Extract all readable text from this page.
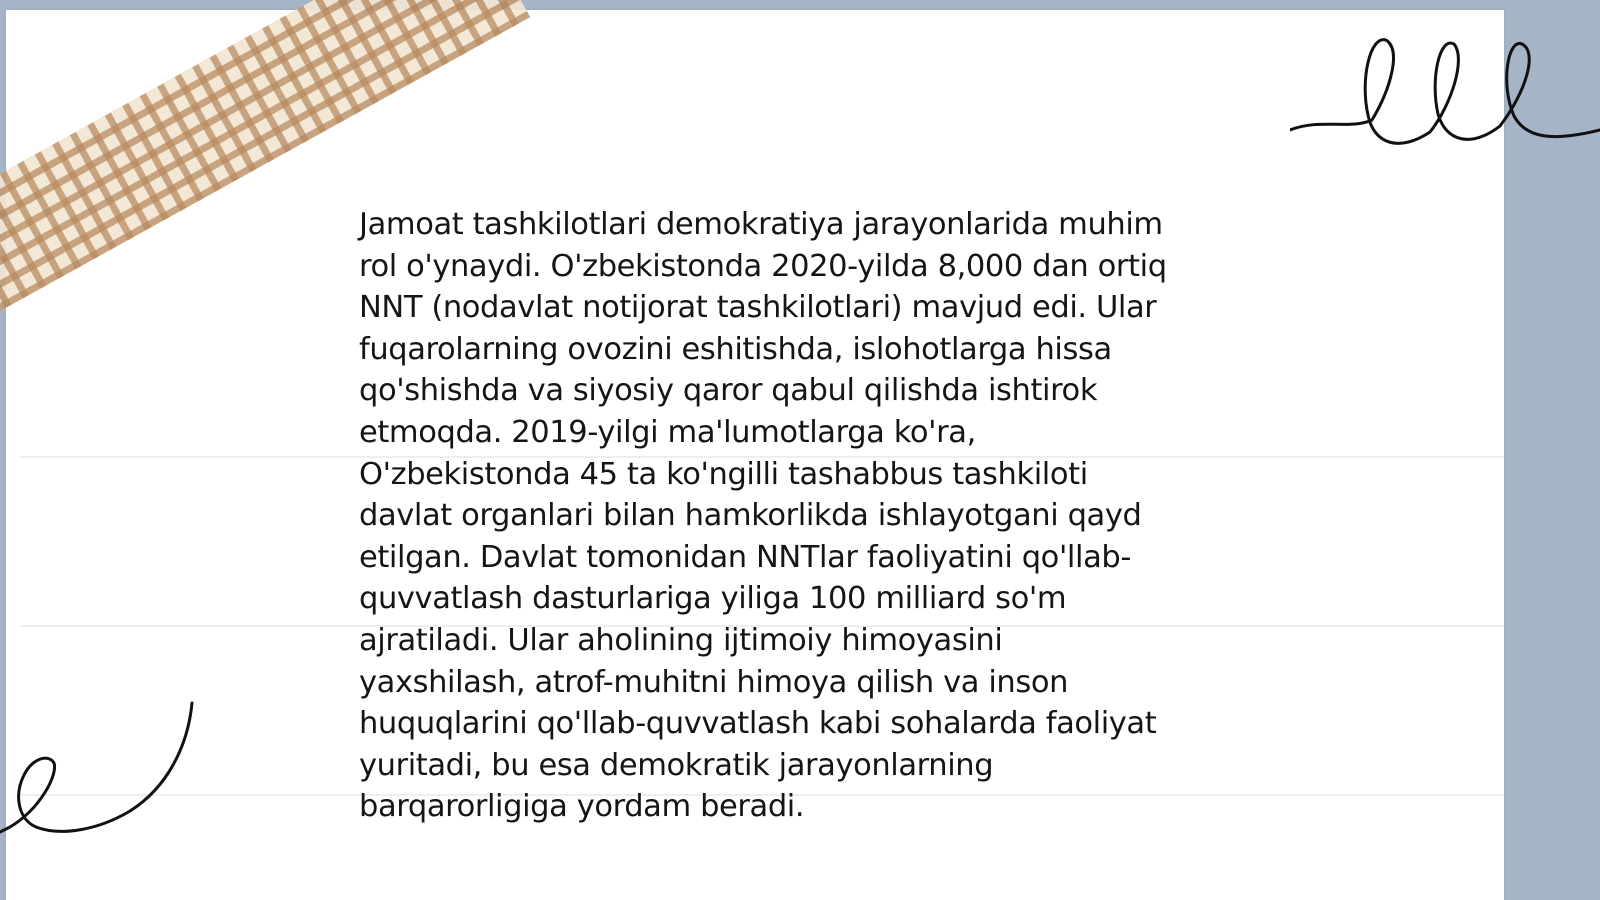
Jamoat tashkilotlari demokratiya jarayonlarida muhim
rol o'ynaydi. O'zbekistonda 2020-yilda 8,000 dan ortiq
NNT (nodavlat notijorat tashkilotlari) mavjud edi. Ular
fuqarolarning ovozini eshitishda, islohotlarga hissa
qo'shishda va siyosiy qaror qabul qilishda ishtirok
etmoqda. 2019-yilgi ma'lumotlarga ko'ra,
O'zbekistonda 45 ta ko'ngilli tashabbus tashkiloti
davlat organlari bilan hamkorlikda ishlayotgani qayd
etilgan. Davlat tomonidan NNTlar faoliyatini qo'llab-
quvvatlash dasturlariga yiliga 100 milliard so'm
ajratiladi. Ular aholining ijtimoiy himoyasini
yaxshilash, atrof-muhitni himoya qilish va inson
huquqlarini qo'llab-quvvatlash kabi sohalarda faoliyat
yuritadi, bu esa demokratik jarayonlarning
barqarorligiga yordam beradi.
